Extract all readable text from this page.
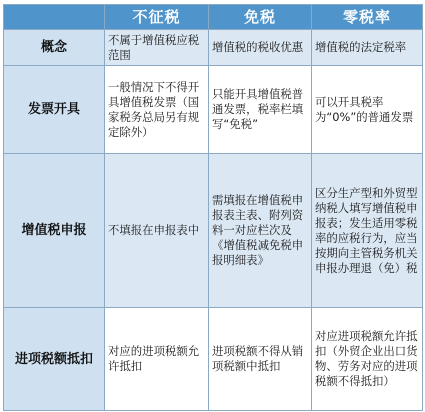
	不征税	免税	零税率
概念	不属于增值税应税范围	增值税的税收优惠	增值税的法定税率
发票开具	一般情况下不得开具增值税发票（国家税务总局另有规定除外）	只能开具增值税普通发票，税率栏填写“免税”	可以开具税率为“0%”的普通发票
增值税申报	不填报在申报表中	需填报在增值税申报表主表、附列资料一对应栏次及《增值税减免税申报明细表》	区分生产型和外贸型纳税人填写增值税申报表；发生适用零税率的应税行为，应当按期向主管税务机关申报办理退（免）税
进项税额抵扣	对应的进项税额允许抵扣	进项税额不得从销项税额中抵扣	对应进项税额允许抵扣（外贸企业出口货物、劳务对应的进项税额不得抵扣）
